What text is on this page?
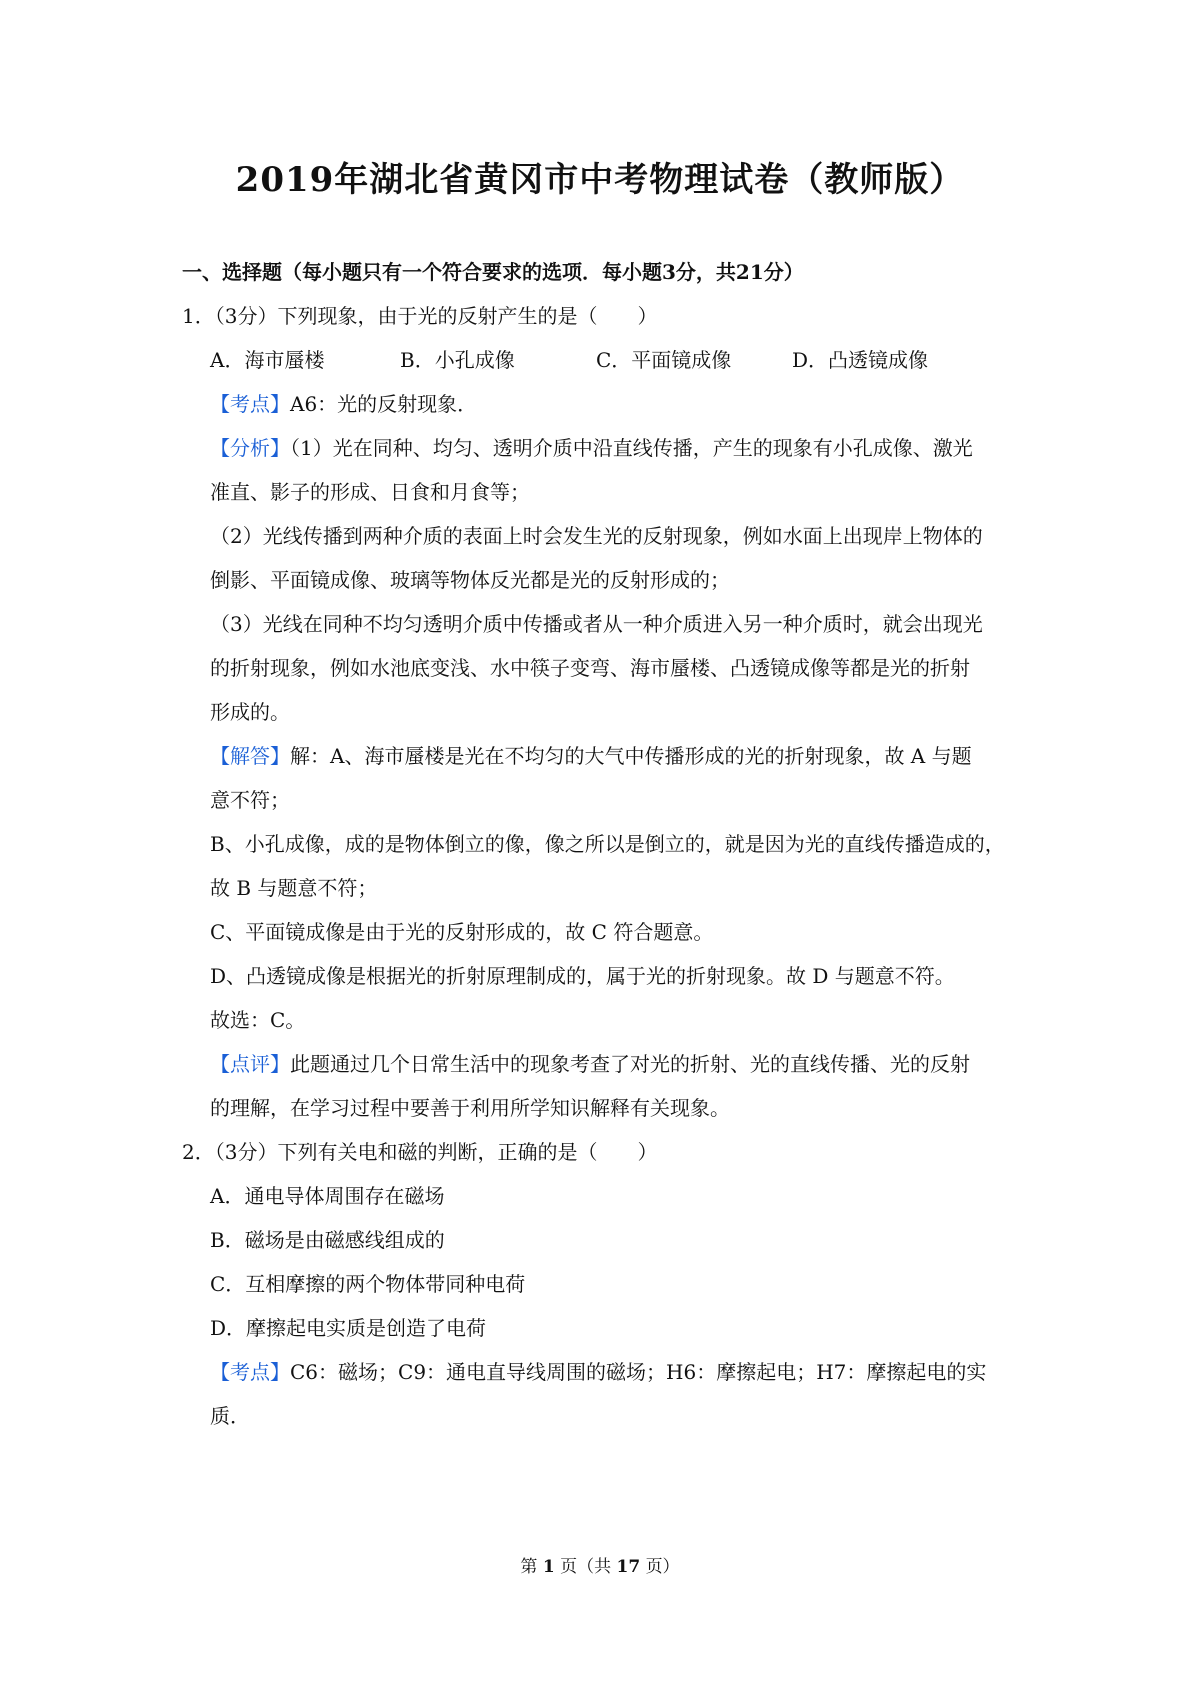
2019年湖北省黄冈市中考物理试卷（教师版）
一、选择题（每小题只有一个符合要求的选项．每小题3分，共21分）
1．（3分）下列现象，由于光的反射产生的是（　　）
A．海市蜃楼	B．小孔成像	C．平面镜成像	D．凸透镜成像
【考点】A6：光的反射现象．
【分析】（1）光在同种、均匀、透明介质中沿直线传播，产生的现象有小孔成像、激光
准直、影子的形成、日食和月食等；
（2）光线传播到两种介质的表面上时会发生光的反射现象，例如水面上出现岸上物体的
倒影、平面镜成像、玻璃等物体反光都是光的反射形成的；
（3）光线在同种不均匀透明介质中传播或者从一种介质进入另一种介质时，就会出现光
的折射现象，例如水池底变浅、水中筷子变弯、海市蜃楼、凸透镜成像等都是光的折射
形成的。
【解答】解：A、海市蜃楼是光在不均匀的大气中传播形成的光的折射现象，故 A 与题
意不符；
B、小孔成像，成的是物体倒立的像，像之所以是倒立的，就是因为光的直线传播造成的，
故 B 与题意不符；
C、平面镜成像是由于光的反射形成的，故 C 符合题意。
D、凸透镜成像是根据光的折射原理制成的，属于光的折射现象。故 D 与题意不符。
故选：C。
【点评】此题通过几个日常生活中的现象考查了对光的折射、光的直线传播、光的反射
的理解，在学习过程中要善于利用所学知识解释有关现象。
2．（3分）下列有关电和磁的判断，正确的是（　　）
A．通电导体周围存在磁场
B．磁场是由磁感线组成的
C．互相摩擦的两个物体带同种电荷
D．摩擦起电实质是创造了电荷
【考点】C6：磁场；C9：通电直导线周围的磁场；H6：摩擦起电；H7：摩擦起电的实
质．
第 1 页（共 17 页）
